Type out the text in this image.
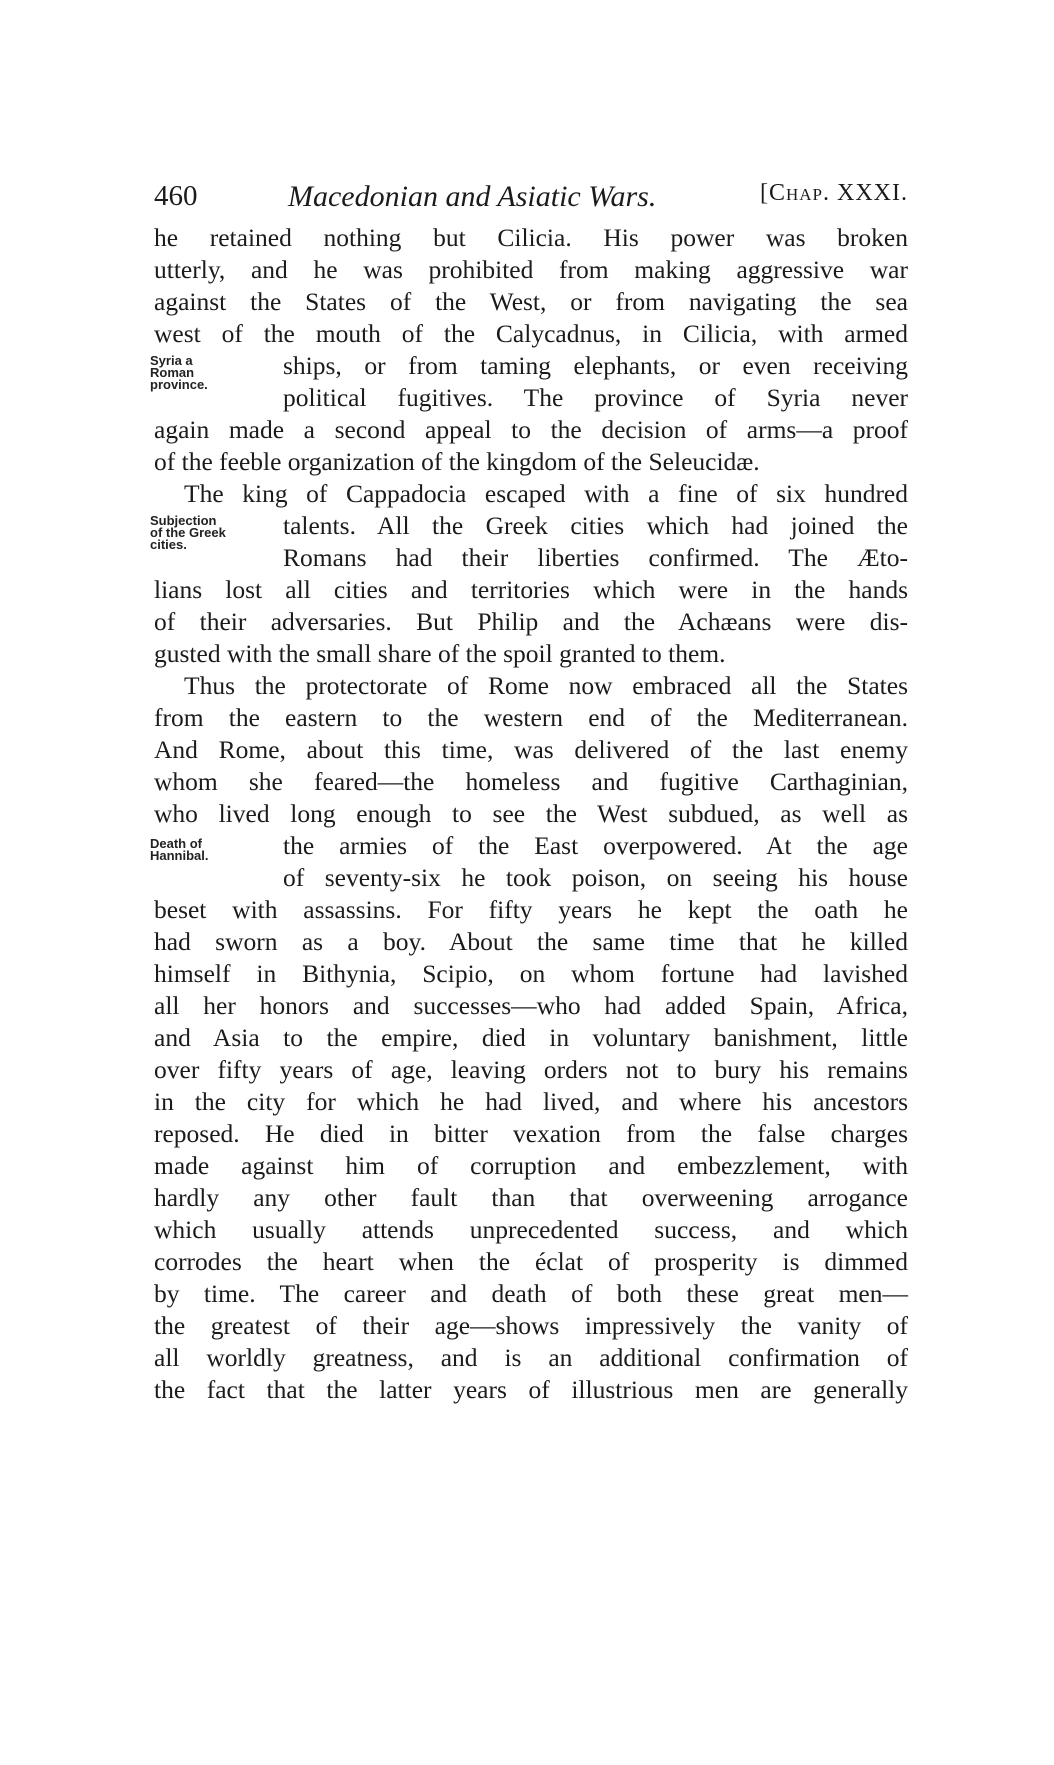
460	Macedonian and Asiatic Wars.	[Chap. XXXI.
he retained nothing but Cilicia. His power was broken
utterly, and he was prohibited from making aggressive war
against the States of the West, or from navigating the sea
west of the mouth of the Calycadnus, in Cilicia, with armed
ships, or from taming elephants, or even receiving
political fugitives. The province of Syria never
again made a second appeal to the decision of arms—a proof
of the feeble organization of the kingdom of the Seleucidæ.
The king of Cappadocia escaped with a fine of six hundred
talents. All the Greek cities which had joined the
Romans had their liberties confirmed. The Æto-
lians lost all cities and territories which were in the hands
of their adversaries. But Philip and the Achæans were dis-
gusted with the small share of the spoil granted to them.
Thus the protectorate of Rome now embraced all the States
from the eastern to the western end of the Mediterranean.
And Rome, about this time, was delivered of the last enemy
whom she feared—the homeless and fugitive Carthaginian,
who lived long enough to see the West subdued, as well as
the armies of the East overpowered. At the age
of seventy-six he took poison, on seeing his house
beset with assassins. For fifty years he kept the oath he
had sworn as a boy. About the same time that he killed
himself in Bithynia, Scipio, on whom fortune had lavished
all her honors and successes—who had added Spain, Africa,
and Asia to the empire, died in voluntary banishment, little
over fifty years of age, leaving orders not to bury his remains
in the city for which he had lived, and where his ancestors
reposed. He died in bitter vexation from the false charges
made against him of corruption and embezzlement, with
hardly any other fault than that overweening arrogance
which usually attends unprecedented success, and which
corrodes the heart when the éclat of prosperity is dimmed
by time. The career and death of both these great men—
the greatest of their age—shows impressively the vanity of
all worldly greatness, and is an additional confirmation of
the fact that the latter years of illustrious men are generally
Syria a
Roman
province.
Subjection
of the Greek
cities.
Death of
Hannibal.
